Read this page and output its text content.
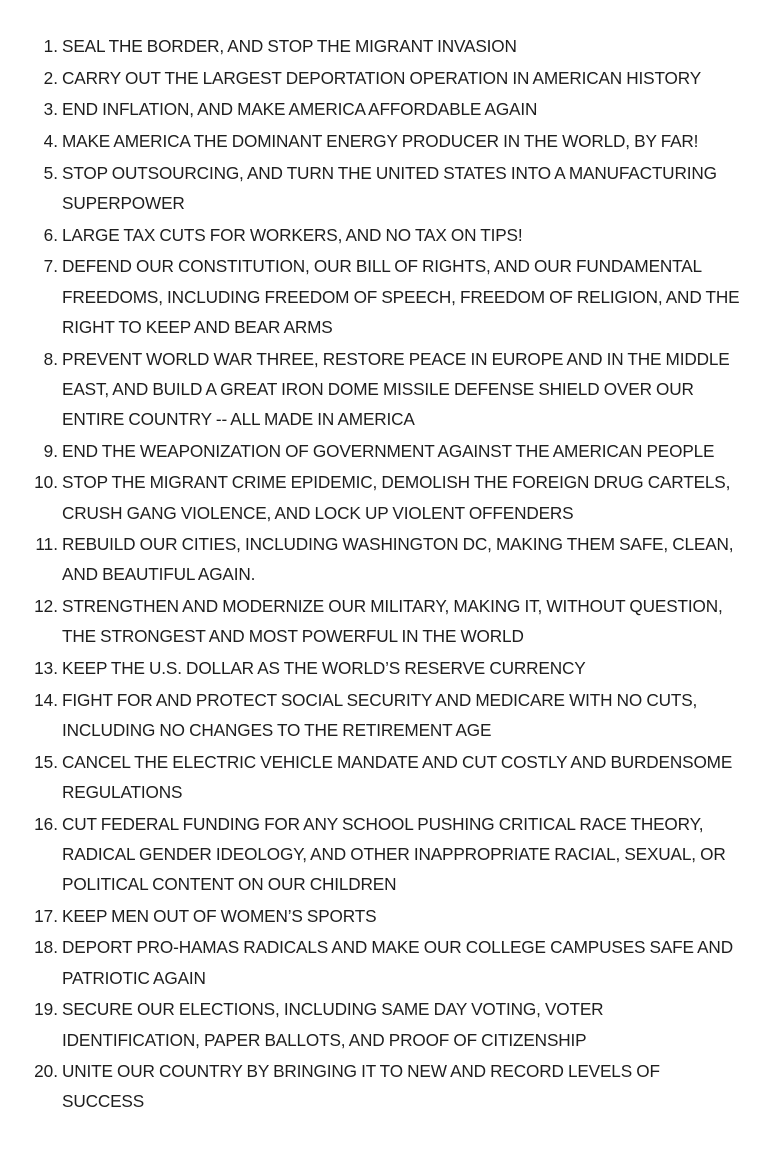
1. SEAL THE BORDER, AND STOP THE MIGRANT INVASION
2. CARRY OUT THE LARGEST DEPORTATION OPERATION IN AMERICAN HISTORY
3. END INFLATION, AND MAKE AMERICA AFFORDABLE AGAIN
4. MAKE AMERICA THE DOMINANT ENERGY PRODUCER IN THE WORLD, BY FAR!
5. STOP OUTSOURCING, AND TURN THE UNITED STATES INTO A MANUFACTURING SUPERPOWER
6. LARGE TAX CUTS FOR WORKERS, AND NO TAX ON TIPS!
7. DEFEND OUR CONSTITUTION, OUR BILL OF RIGHTS, AND OUR FUNDAMENTAL FREEDOMS, INCLUDING FREEDOM OF SPEECH, FREEDOM OF RELIGION, AND THE RIGHT TO KEEP AND BEAR ARMS
8. PREVENT WORLD WAR THREE, RESTORE PEACE IN EUROPE AND IN THE MIDDLE EAST, AND BUILD A GREAT IRON DOME MISSILE DEFENSE SHIELD OVER OUR ENTIRE COUNTRY -- ALL MADE IN AMERICA
9. END THE WEAPONIZATION OF GOVERNMENT AGAINST THE AMERICAN PEOPLE
10. STOP THE MIGRANT CRIME EPIDEMIC, DEMOLISH THE FOREIGN DRUG CARTELS, CRUSH GANG VIOLENCE, AND LOCK UP VIOLENT OFFENDERS
11. REBUILD OUR CITIES, INCLUDING WASHINGTON DC, MAKING THEM SAFE, CLEAN, AND BEAUTIFUL AGAIN.
12. STRENGTHEN AND MODERNIZE OUR MILITARY, MAKING IT, WITHOUT QUESTION, THE STRONGEST AND MOST POWERFUL IN THE WORLD
13. KEEP THE U.S. DOLLAR AS THE WORLD’S RESERVE CURRENCY
14. FIGHT FOR AND PROTECT SOCIAL SECURITY AND MEDICARE WITH NO CUTS, INCLUDING NO CHANGES TO THE RETIREMENT AGE
15. CANCEL THE ELECTRIC VEHICLE MANDATE AND CUT COSTLY AND BURDENSOME REGULATIONS
16. CUT FEDERAL FUNDING FOR ANY SCHOOL PUSHING CRITICAL RACE THEORY, RADICAL GENDER IDEOLOGY, AND OTHER INAPPROPRIATE RACIAL, SEXUAL, OR POLITICAL CONTENT ON OUR CHILDREN
17. KEEP MEN OUT OF WOMEN’S SPORTS
18. DEPORT PRO-HAMAS RADICALS AND MAKE OUR COLLEGE CAMPUSES SAFE AND PATRIOTIC AGAIN
19. SECURE OUR ELECTIONS, INCLUDING SAME DAY VOTING, VOTER IDENTIFICATION, PAPER BALLOTS, AND PROOF OF CITIZENSHIP
20. UNITE OUR COUNTRY BY BRINGING IT TO NEW AND RECORD LEVELS OF SUCCESS
